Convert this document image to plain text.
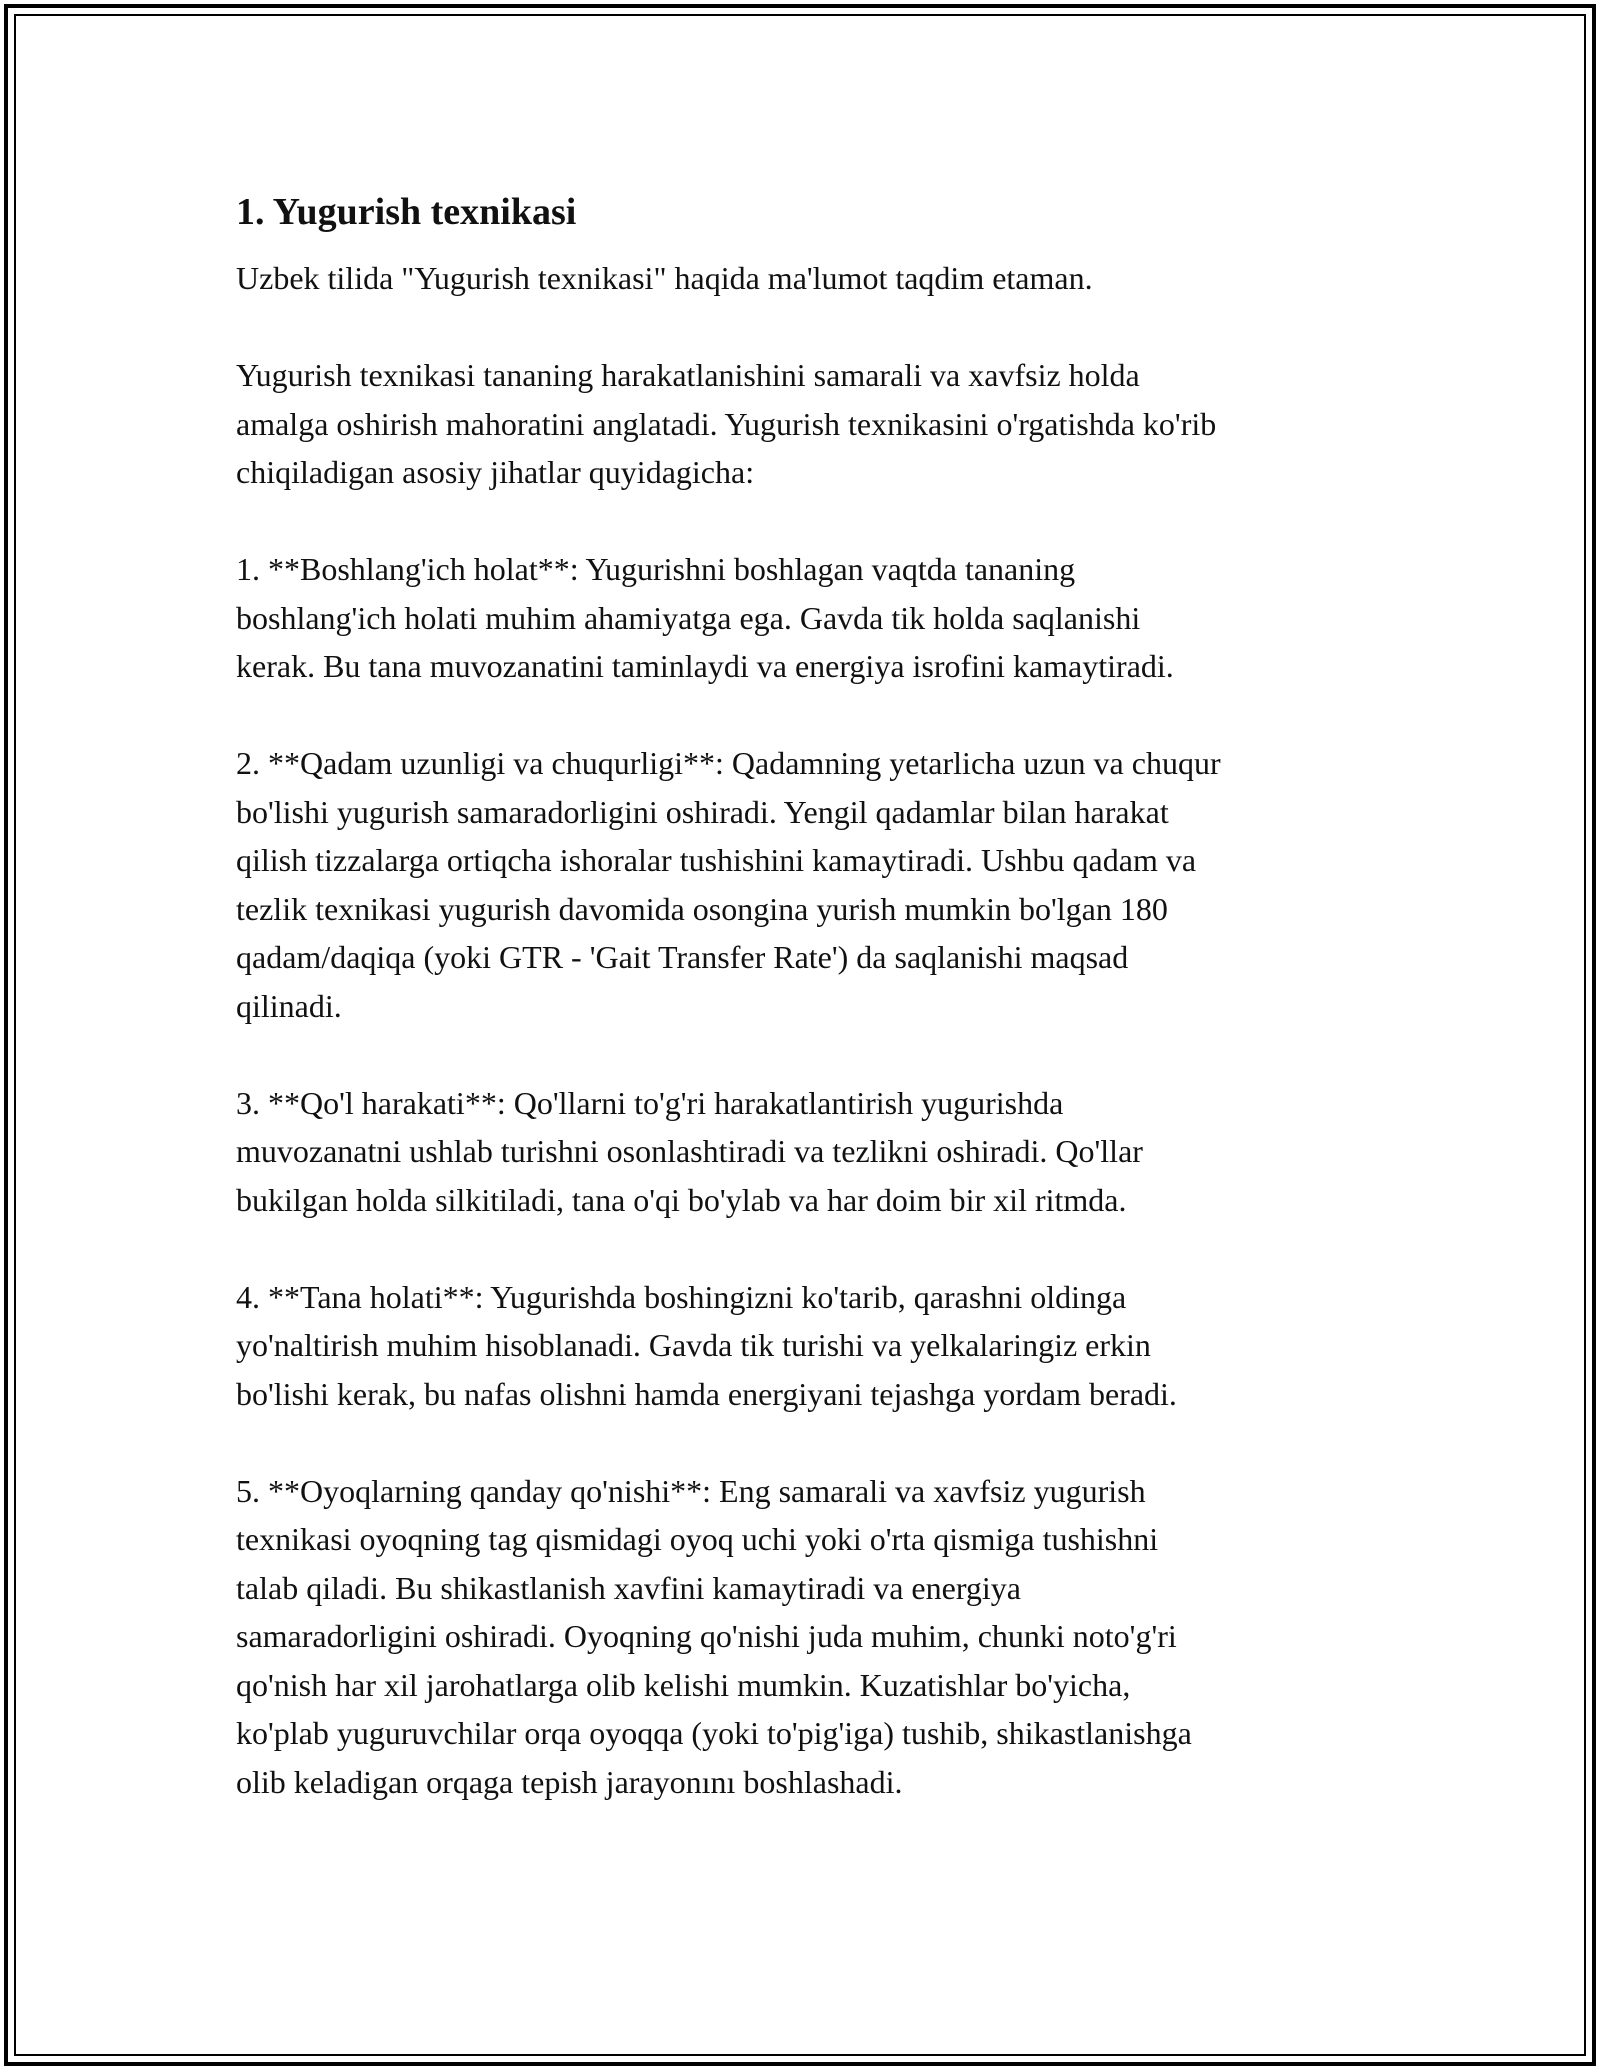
1. Yugurish texnikasi

Uzbek tilida "Yugurish texnikasi" haqida ma'lumot taqdim etaman.

Yugurish texnikasi tananing harakatlanishini samarali va xavfsiz holda
amalga oshirish mahoratini anglatadi. Yugurish texnikasini o'rgatishda ko'rib
chiqiladigan asosiy jihatlar quyidagicha:

1. **Boshlang'ich holat**: Yugurishni boshlagan vaqtda tananing
boshlang'ich holati muhim ahamiyatga ega. Gavda tik holda saqlanishi
kerak. Bu tana muvozanatini taminlaydi va energiya isrofini kamaytiradi.

2. **Qadam uzunligi va chuqurligi**: Qadamning yetarlicha uzun va chuqur
bo'lishi yugurish samaradorligini oshiradi. Yengil qadamlar bilan harakat
qilish tizzalarga ortiqcha ishoralar tushishini kamaytiradi. Ushbu qadam va
tezlik texnikasi yugurish davomida osongina yurish mumkin bo'lgan 180
qadam/daqiqa (yoki GTR - 'Gait Transfer Rate') da saqlanishi maqsad
qilinadi.

3. **Qo'l harakati**: Qo'llarni to'g'ri harakatlantirish yugurishda
muvozanatni ushlab turishni osonlashtiradi va tezlikni oshiradi. Qo'llar
bukilgan holda silkitiladi, tana o'qi bo'ylab va har doim bir xil ritmda.

4. **Tana holati**: Yugurishda boshingizni ko'tarib, qarashni oldinga
yo'naltirish muhim hisoblanadi. Gavda tik turishi va yelkalaringiz erkin
bo'lishi kerak, bu nafas olishni hamda energiyani tejashga yordam beradi.

5. **Oyoqlarning qanday qo'nishi**: Eng samarali va xavfsiz yugurish
texnikasi oyoqning tag qismidagi oyoq uchi yoki o'rta qismiga tushishni
talab qiladi. Bu shikastlanish xavfini kamaytiradi va energiya
samaradorligini oshiradi. Oyoqning qo'nishi juda muhim, chunki noto'g'ri
qo'nish har xil jarohatlarga olib kelishi mumkin. Kuzatishlar bo'yicha,
ko'plab yuguruvchilar orqa oyoqqa (yoki to'pig'iga) tushib, shikastlanishga
olib keladigan orqaga tepish jarayonını boshlashadi.
